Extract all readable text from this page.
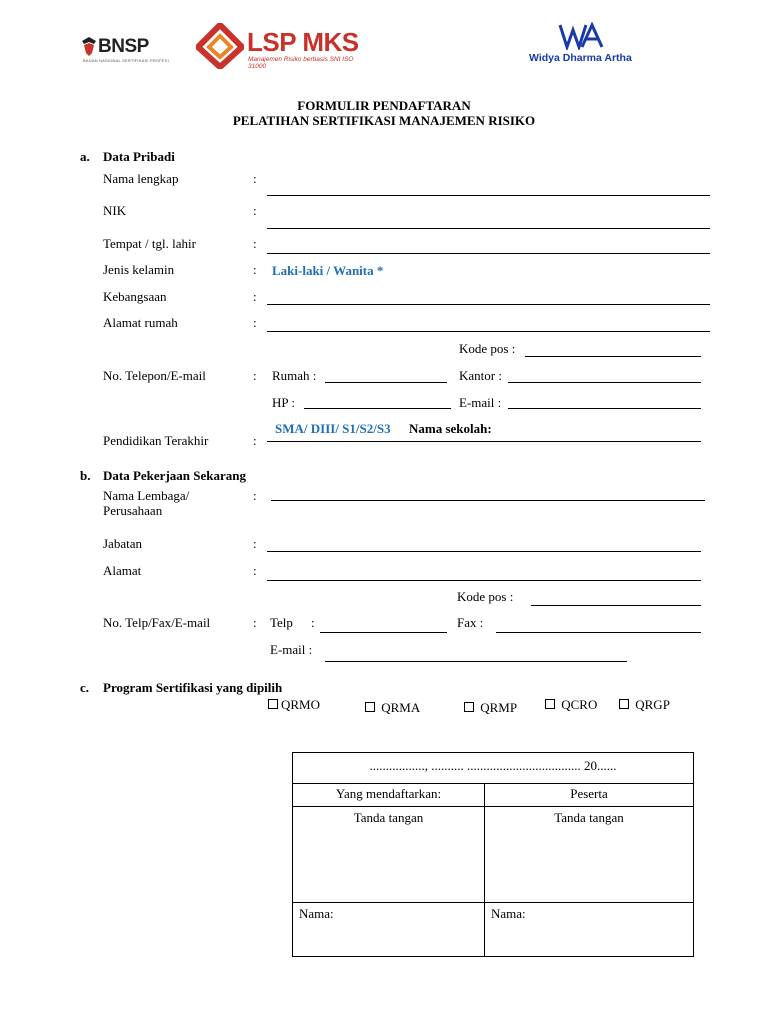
BNSP
BADAN NASIONAL SERTIFIKASI PROFESI
LSP MKS
Manajemen Risiko berbasis SNI ISO 31000
Widya Dharma Artha
FORMULIR PENDAFTARAN
PELATIHAN SERTIFIKASI MANAJEMEN RISIKO
a. Data Pribadi
Nama lengkap	:
NIK	:
Tempat / tgl. lahir	:
Jenis kelamin	: Laki-laki / Wanita *
Kebangsaan	:
Alamat rumah	:
Kode pos :
No. Telepon/E-mail	: Rumah :	Kantor :
HP :	E-mail :
SMA/ DIII/ S1/S2/S3 Nama sekolah:
Pendidikan Terakhir	:
b. Data Pekerjaan Sekarang
Nama Lembaga/
Perusahaan
:
Jabatan	:
Alamat	:
Kode pos :
No. Telp/Fax/E-mail	: Telp :	Fax :
E-mail :
c. Program Sertifikasi yang dipilih
QRMO	QRMA	QRMP	QCRO	QRGP
................., .......... ................................... 20......	
Yang mendaftarkan:	Peserta
Tanda tangan	Tanda tangan
Nama:	Nama:
